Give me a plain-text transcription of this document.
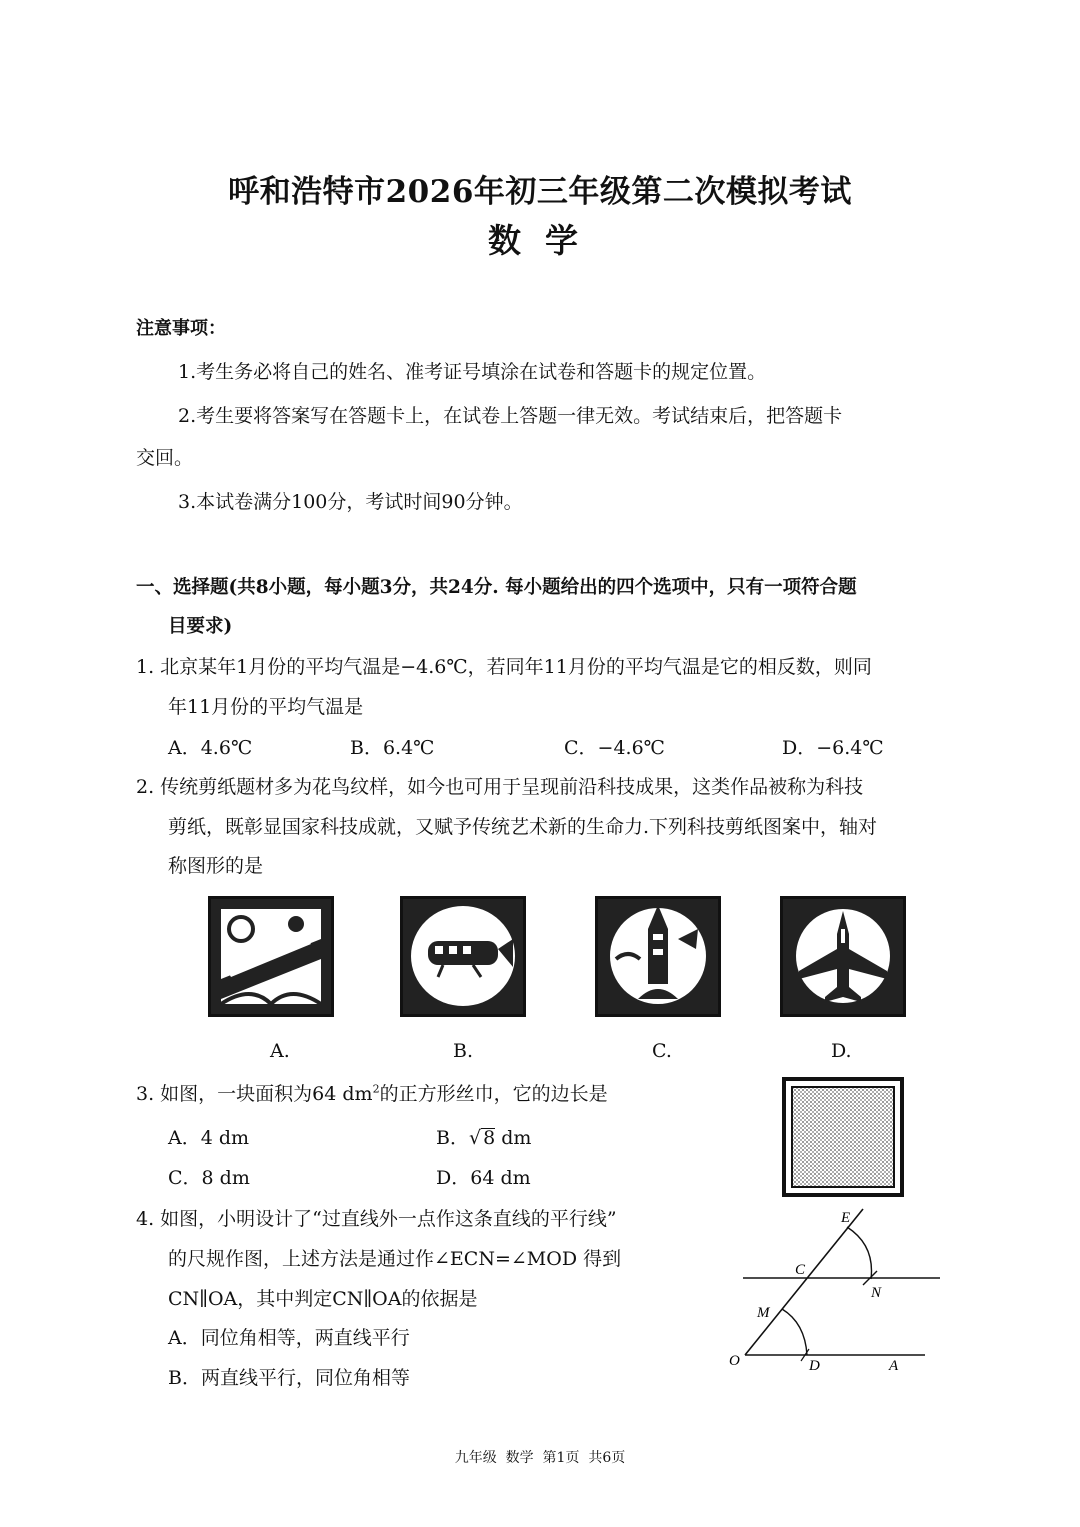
呼和浩特市2026年初三年级第二次模拟考试
数学
注意事项：
1.考生务必将自己的姓名、准考证号填涂在试卷和答题卡的规定位置。
2.考生要将答案写在答题卡上，在试卷上答题一律无效。考试结束后，把答题卡
交回。
3.本试卷满分100分，考试时间90分钟。
一、选择题(共8小题，每小题3分，共24分. 每小题给出的四个选项中，只有一项符合题
目要求)
1. 北京某年1月份的平均气温是−4.6℃，若同年11月份的平均气温是它的相反数，则同
年11月份的平均气温是
A．4.6℃	B．6.4℃	C．−4.6℃	D．−6.4℃
2. 传统剪纸题材多为花鸟纹样，如今也可用于呈现前沿科技成果，这类作品被称为科技
剪纸，既彰显国家科技成就，又赋予传统艺术新的生命力.下列科技剪纸图案中，轴对
称图形的是
A.	B.	C.	D.
3. 如图，一块面积为64 $dm^2$的正方形丝巾，它的边长是
A．4 dm	B．√ 8 dm
C．8 dm	D．64 dm
4. 如图，小明设计了“过直线外一点作这条直线的平行线”
的尺规作图，上述方法是通过作∠ECN=∠MOD 得到
CN∥OA，其中判定CN∥OA的依据是
A．同位角相等，两直线平行
B．两直线平行，同位角相等
E
C
N
M
O	D	A
九年级  数学  第1页  共6页
